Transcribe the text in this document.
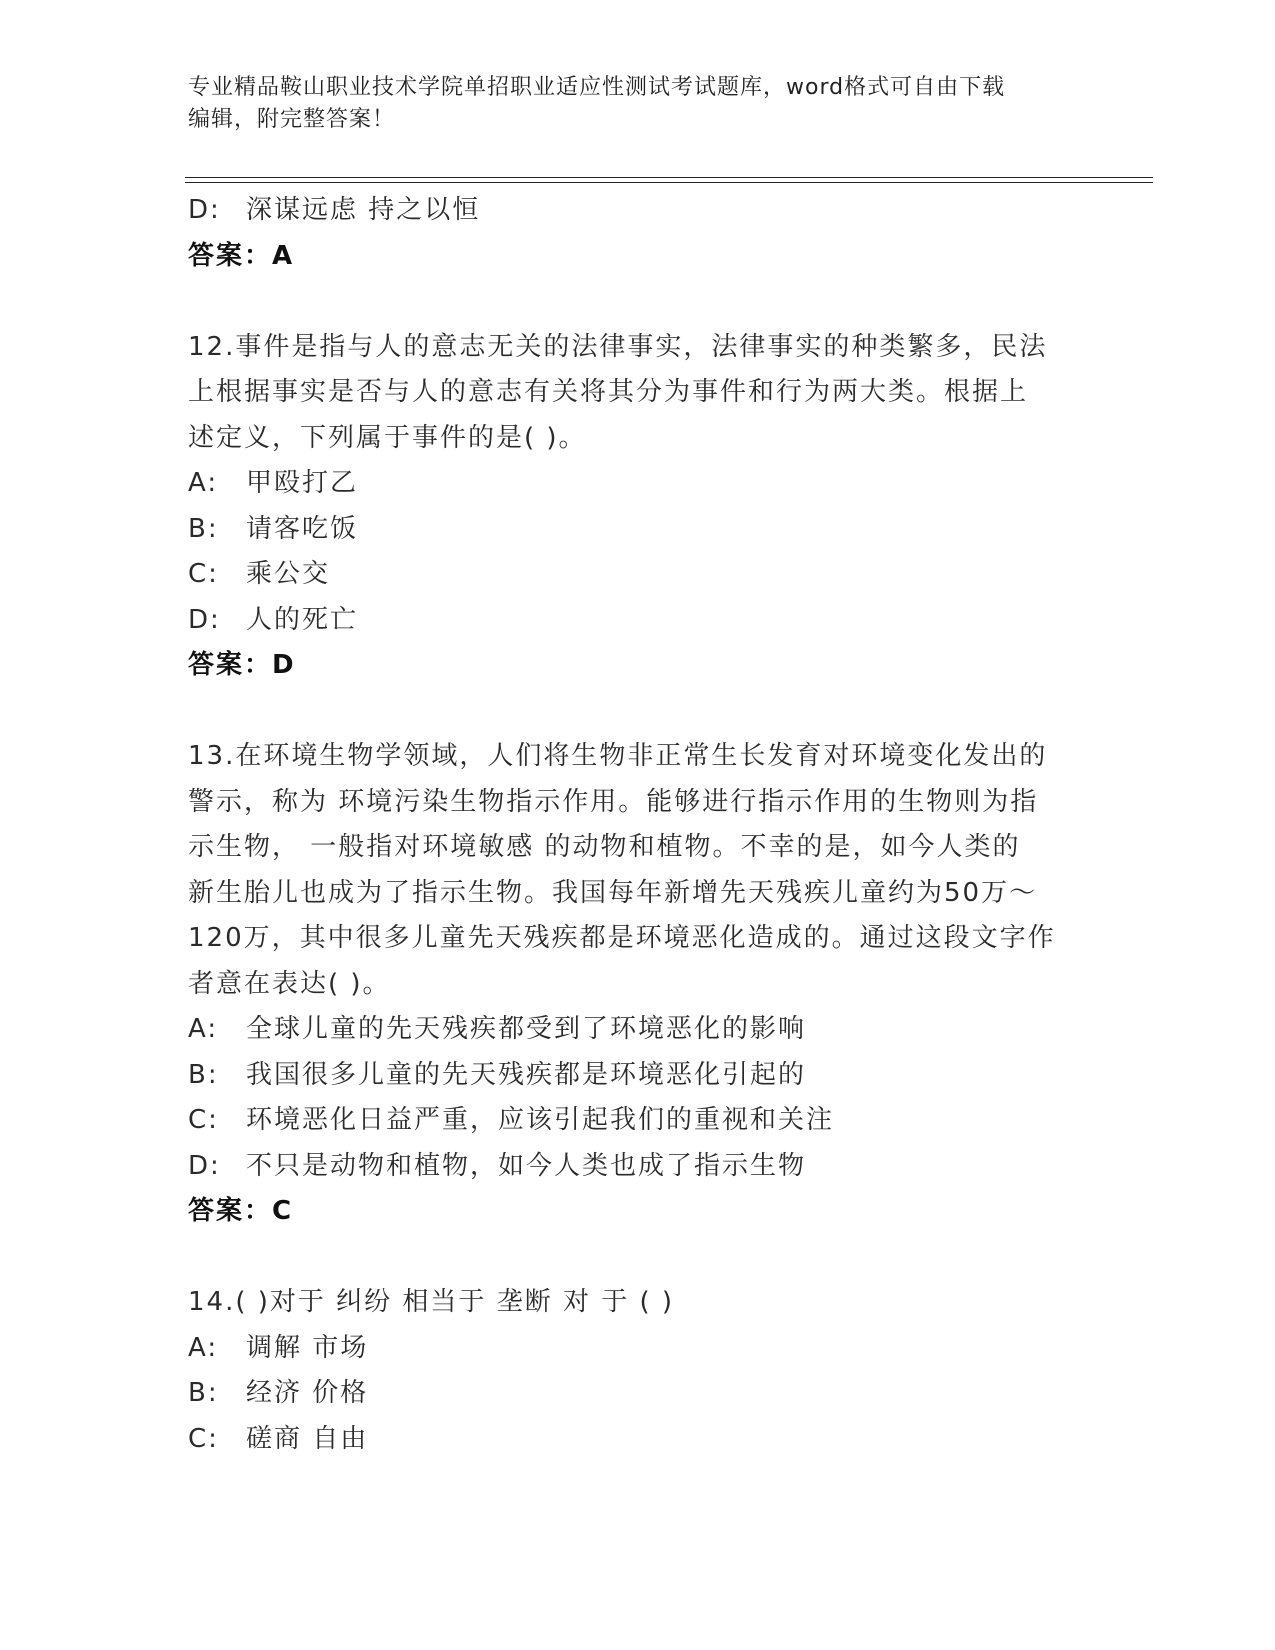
专业精品鞍山职业技术学院单招职业适应性测试考试题库，word格式可自由下载
编辑，附完整答案！
D: 深谋远虑 持之以恒
答案：A
12.事件是指与人的意志无关的法律事实，法律事实的种类繁多，民法
上根据事实是否与人的意志有关将其分为事件和行为两大类。根据上
述定义，下列属于事件的是( )。
A:	甲殴打乙
B:	请客吃饭
C:	乘公交
D: 人的死亡
答案：D
13.在环境生物学领域，人们将生物非正常生长发育对环境变化发出的
警示，称为 环境污染生物指示作用。能够进行指示作用的生物则为指
示生物， 一般指对环境敏感 的动物和植物。不幸的是，如今人类的
新生胎儿也成为了指示生物。我国每年新增先天残疾儿童约为50万～
120万，其中很多儿童先天残疾都是环境恶化造成的。通过这段文字作
者意在表达( )。
A:	全球儿童的先天残疾都受到了环境恶化的影响
B:	我国很多儿童的先天残疾都是环境恶化引起的
C:	环境恶化日益严重，应该引起我们的重视和关注
D: 不只是动物和植物，如今人类也成了指示生物
答案：C
14.( )对于 纠纷 相当于 垄断 对 于 ( )
A:	调解 市场
B:	经济 价格
C:	磋商 自由
